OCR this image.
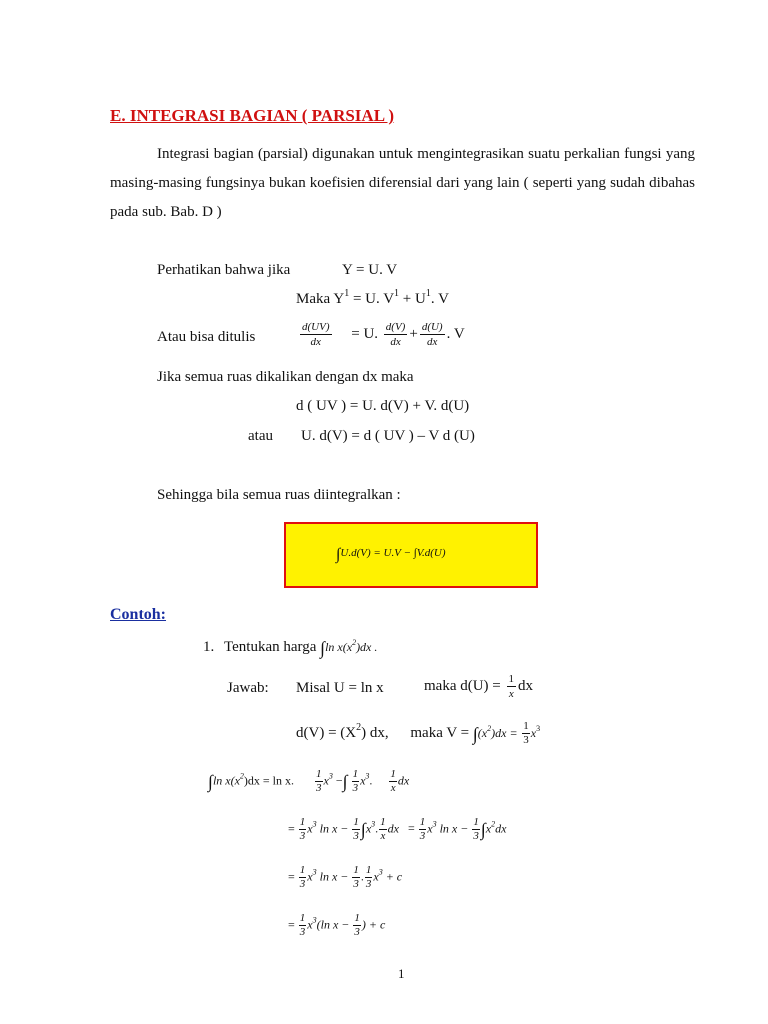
E. INTEGRASI BAGIAN ( PARSIAL )
Integrasi bagian (parsial) digunakan untuk mengintegrasikan suatu perkalian fungsi yang masing-masing fungsinya bukan koefisien diferensial dari yang lain ( seperti yang sudah dibahas pada sub. Bab. D )
Perhatikan bahwa jika	Y = U. V
Maka $Y^1 = U$. $V^1 + U^1$. V
Atau bisa ditulis	$\frac{d(UV)}{dx} = U$. $\frac{d(V)}{dx} + \frac{d(U)}{dx}$ . V
Jika semua ruas dikalikan dengan dx maka
d ( UV ) = U. d(V) + V. d(U)
atau U. d(V) = d ( UV ) – V d (U)
Sehingga bila semua ruas diintegralkan :
∫U.d(V) = U.V − ∫V.d(U)
Contoh:
1. Tentukan harga ∫ln $x(x^2)dx$ .
Jawab: Misal U = ln x	maka $d(U) = \frac{1}{x}$ dx
$d(V) = (X^2)$ dx, maka $V = \int(x^2)dx = \frac{1}{3} x^3$
∫ln $x(x^2)dx = \ln x$. $\frac{1}{3} x^3$ −∫ $\frac{1}{3} x^3$. $\frac{1}{x}$ dx
= $\frac{1}{3} x^3$ $\ln x - \frac{1}{3} \int x^3$. $\frac{1}{x}$ dx = $\frac{1}{3} x^3$ $\ln x - \frac{1}{3} \int x^2dx$
= $\frac{1}{3} x^3$ $\ln x - \frac{1}{3}$ . $\frac{1}{3} x^3 + c$
= $\frac{1}{3} x^3(\ln$ $x - \frac{1}{3}$ ) + c
1
